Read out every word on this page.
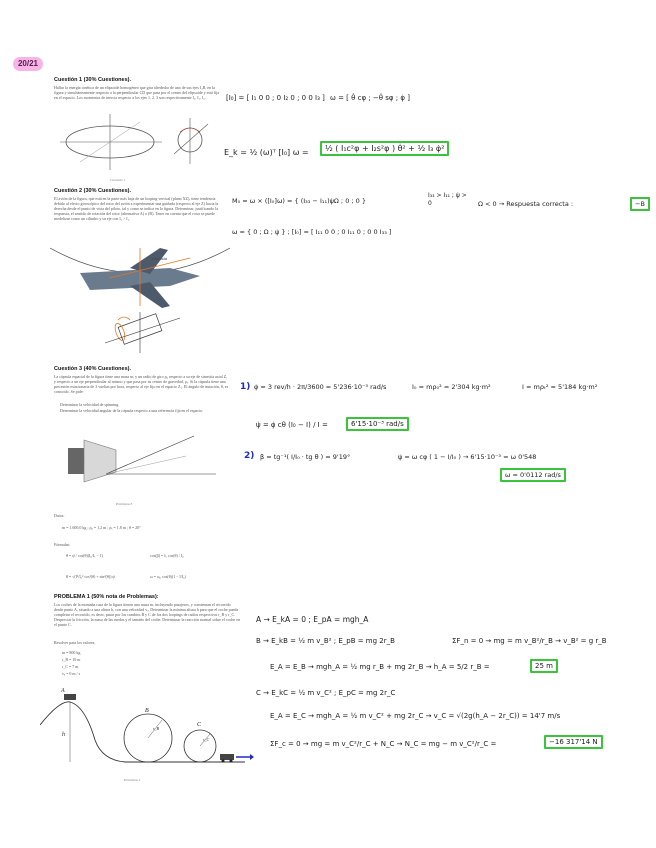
20/21
Cuestión 1 (30% Cuestiones).
Hallar la energía cinética de un elipsoide homogéneo que gira alrededor de uno de sus ejes I₃B, en la figura y simultáneamente respecto a la perpendicular CD que pasa por el centro del elipsoide y está fija en el espacio. Los momentos de inercia respecto a los ejes 1, 2, 3 son respectivamente I₁, I₂, I₃.
Cuestión 1
[I₀] = [ I₁ 0 0 ; 0 I₂ 0 ; 0 0 I₃ ] ω = [ θ̇ cφ ; −θ̇ sφ ; φ̇ ]
E_k = ½ (ω)ᵀ [I₀] ω =	½ ( I₁c²φ + I₂s²φ ) θ̇² + ½ I₃ φ̇²
Cuestión 2 (30% Cuestiones).
El avión de la figura, que está en la parte más baja de un looping vertical (plano XZ), tiene tendencia debido al efecto giroscópico del rotor del avión a experimentar una guiñada (respecto al eje Z) hacia la derecha desde el punto de vista del piloto, tal y como se indica en la figura. Determinar, justificando la respuesta, el sentido de rotación del rotor (alternativa A) o (B). Tener en cuenta que el rotor se puede modelizar como un cilindro y su eje con I₃ > I₁.
Guiñada
M₀ = ω × ([I₀]ω) = { (I₃₃ − I₁₁)ψ̇Ω ; 0 ; 0 }
I₃₃ > I₁₁ ; ψ̇ > 0	Ω < 0 → Respuesta correcta :	−B
ω = { 0 ; Ω ; ψ̇ } ; [I₀] = [ I₁₁ 0 0 ; 0 I₁₁ 0 ; 0 0 I₃₃ ]
Cuestión 3 (40% Cuestiones).
La cápsula espacial de la figura tiene una masa m, y un radio de giro ρ₀ respecto a su eje de simetría axial Z, y respecto a un eje perpendicular al mismo y que pasa por su centro de gravedad, ρₜ. Si la cápsula tiene una precesión estacionaria de 3 vueltas por hora, respecto al eje fijo en el espacio Z₁. El ángulo de nutación, θ, es conocido. Se pide:
Determinar la velocidad de spinning.
Determinar la velocidad angular de la cápsula respecto a una referencia fija en el espacio.
Problema 3
Datos:
m = 1.600,0 kg ; ρ₀ = 1,2 m ; ρₜ = 1,8 m ; θ = 20°
Fórmulas:
θ̇ = ψ̇ / cos(θ)(I₀/Iₜ − 1)	cos(β) = Iₜ cos(θ) / I₀
θ̇ = √(I²/I₀² cos²(θ) + sin²(θ)) ψ̇	ω = ω₀ cos(θ)(1 − I/I₀)
1) φ̇ = 3 rev/h · 2π/3600 = 5'236·10⁻³ rad/s	I₀ = mρ₀² = 2'304 kg·m²	I = mρₜ² = 5'184 kg·m²
ψ̇ = φ̇ cθ (I₀ − I) / I =	6'15·10⁻³ rad/s
2) β = tg⁻¹( I/I₀ · tg θ ) = 9'19°	ψ̇ = ω cφ ( 1 − I/I₀ ) → 6'15·10⁻³ = ω 0'548
ω = 0'0112 rad/s
PROBLEMA 1 (50% nota de Problemas):
Los coches de la montaña rusa de la figura tienen una masa m, incluyendo pasajeros, y comienzan el recorrido desde punto A, situado a una altura h, con una velocidad vₐ. Determinar la mínima altura h para que el coche pueda completar el recorrido, es decir, pasar por los cambios B y C de los dos loopings de radios respectivos r_B y r_C. Despreciar la fricción, la masa de las ruedas y el tamaño del coche. Determinar la reacción normal sobre el coche en el punto C.
Resolver para los valores,
m = 800 kg
r_B = 10 m
r_C = 7 m
vₐ = 0 m / s
A
B
C
h
r_B
r_C
Problema 1
A → E_kA = 0 ; E_pA = mgh_A
B → E_kB = ½ m v_B² ; E_pB = mg 2r_B	ΣF_n = 0 → mg = m v_B²/r_B → v_B² = g r_B
E_A = E_B → mgh_A = ½ mg r_B + mg 2r_B → h_A = 5/2 r_B =	25 m
C → E_kC = ½ m v_C² ; E_pC = mg 2r_C
E_A = E_C → mgh_A = ½ m v_C² + mg 2r_C → v_C = √(2g(h_A − 2r_C)) = 14'7 m/s
ΣF_c = 0 → mg = m v_C²/r_C + N_C → N_C = mg − m v_C²/r_C =	−16 317'14 N
